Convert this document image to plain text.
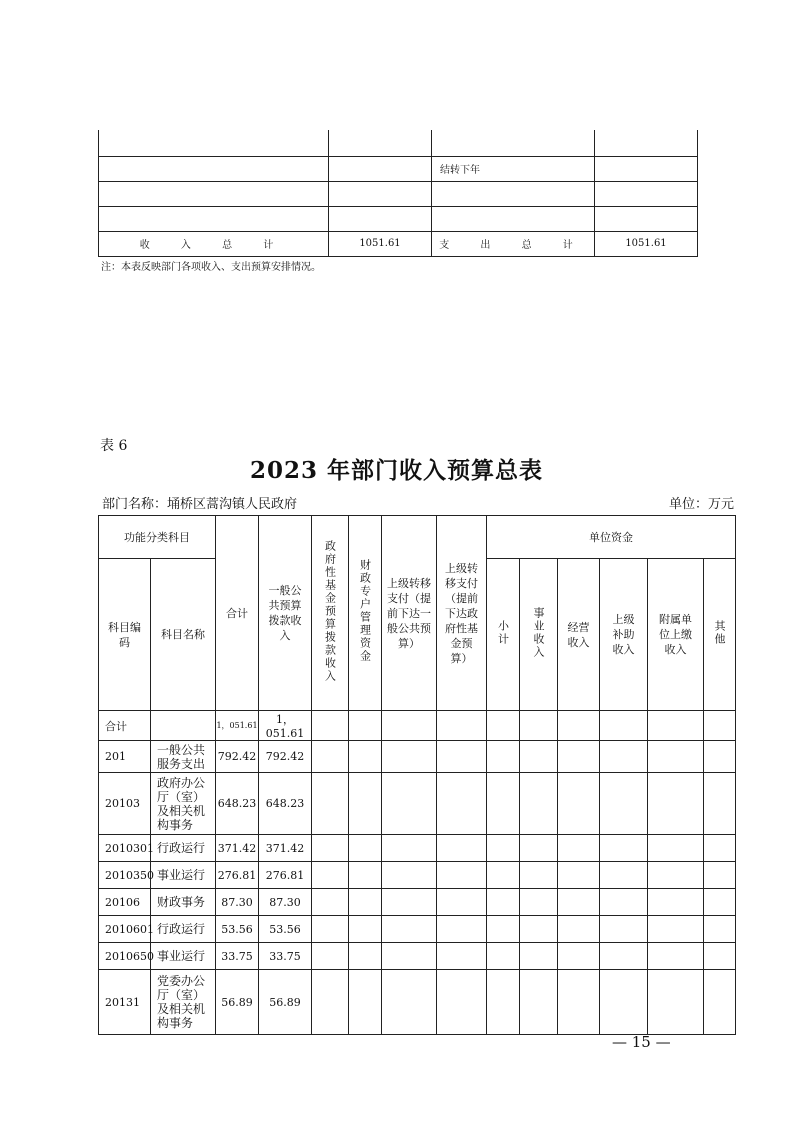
		结转下年	

收 入 总 计	1051.61	支 出 总 计	1051.61
注：本表反映部门各项收入、支出预算安排情况。
表 6
2023 年部门收入预算总表
部门名称：埇桥区蒿沟镇人民政府	单位：万元
功能分类科目		合计	一般公共预算拨款收入	政府性基金预算拨款收入	财政专户管理资金	上级转移支付（提前下达一般公共预算）	上级转移支付（提前下达政府性基金预算）	单位资金					
科目编码	科目名称							小计	事业收入	经营收入	上级补助收入	附属单位上缴收入	其他
合计		1，051.61	1，051.61										
201	一般公共服务支出	792.42	792.42										
20103	政府办公厅（室）及相关机构事务	648.23	648.23										
2010301	行政运行	371.42	371.42										
2010350	事业运行	276.81	276.81										
20106	财政事务	87.30	87.30										
2010601	行政运行	53.56	53.56										
2010650	事业运行	33.75	33.75										
20131	党委办公厅（室）及相关机构事务	56.89	56.89										
— 15 —
